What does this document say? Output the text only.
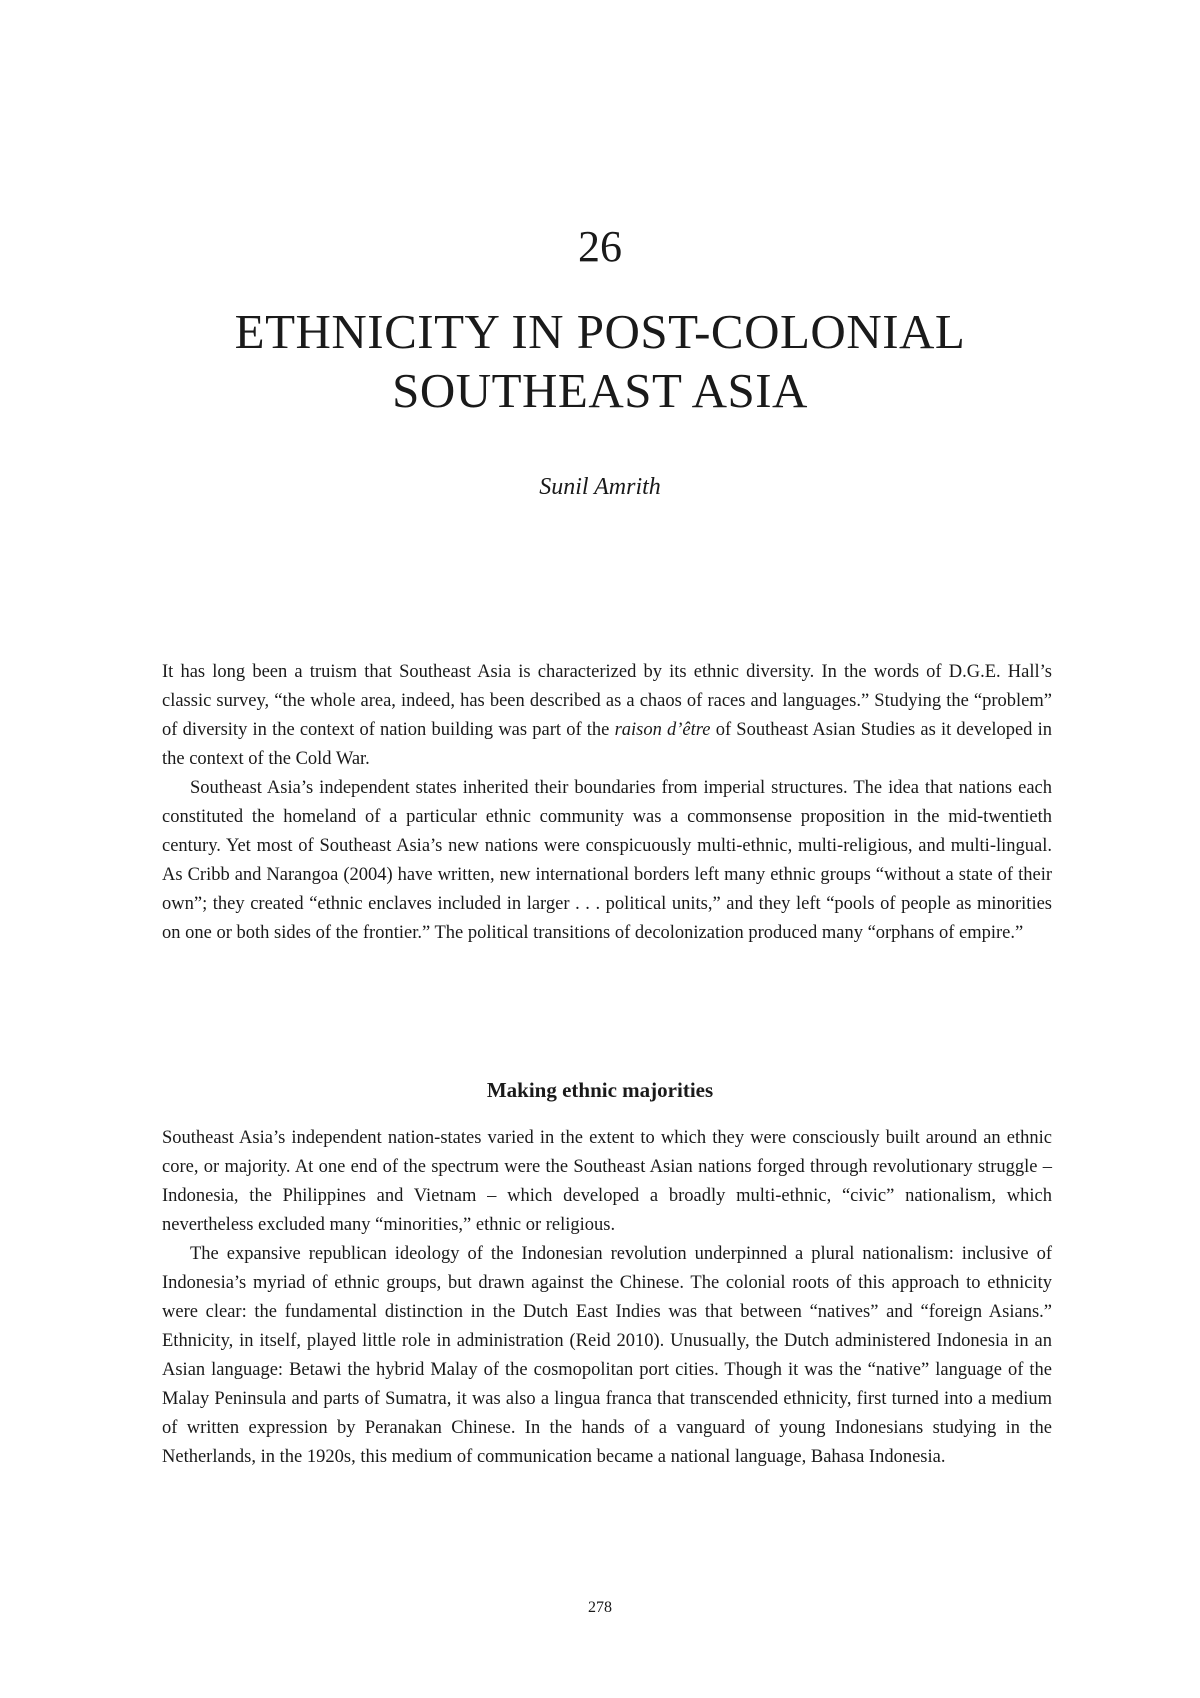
26
ETHNICITY IN POST-COLONIAL
SOUTHEAST ASIA
Sunil Amrith

It has long been a truism that Southeast Asia is characterized by its ethnic diversity. In the words of D.G.E. Hall’s classic survey, “the whole area, indeed, has been described as a chaos of races and languages.” Studying the “problem” of diversity in the context of nation building was part of the raison d’être of Southeast Asian Studies as it developed in the context of the Cold War.

Southeast Asia’s independent states inherited their boundaries from imperial structures. The idea that nations each constituted the homeland of a particular ethnic community was a commonsense proposition in the mid-twentieth century. Yet most of Southeast Asia’s new nations were conspicuously multi-ethnic, multi-religious, and multi-lingual. As Cribb and Narangoa (2004) have written, new international borders left many ethnic groups “without a state of their own”; they created “ethnic enclaves included in larger . . . political units,” and they left “pools of people as minorities on one or both sides of the frontier.” The political transitions of decolonization produced many “orphans of empire.”

Making ethnic majorities

Southeast Asia’s independent nation-states varied in the extent to which they were consciously built around an ethnic core, or majority. At one end of the spectrum were the Southeast Asian nations forged through revolutionary struggle – Indonesia, the Philippines and Vietnam – which developed a broadly multi-ethnic, “civic” nationalism, which nevertheless excluded many “minorities,” ethnic or religious.

The expansive republican ideology of the Indonesian revolution underpinned a plural nationalism: inclusive of Indonesia’s myriad of ethnic groups, but drawn against the Chinese. The colonial roots of this approach to ethnicity were clear: the fundamental distinction in the Dutch East Indies was that between “natives” and “foreign Asians.” Ethnicity, in itself, played little role in administration (Reid 2010). Unusually, the Dutch administered Indonesia in an Asian language: Betawi the hybrid Malay of the cosmopolitan port cities. Though it was the “native” language of the Malay Peninsula and parts of Sumatra, it was also a lingua franca that transcended ethnicity, first turned into a medium of written expression by Peranakan Chinese. In the hands of a vanguard of young Indonesians studying in the Netherlands, in the 1920s, this medium of communication became a national language, Bahasa Indonesia.

278
